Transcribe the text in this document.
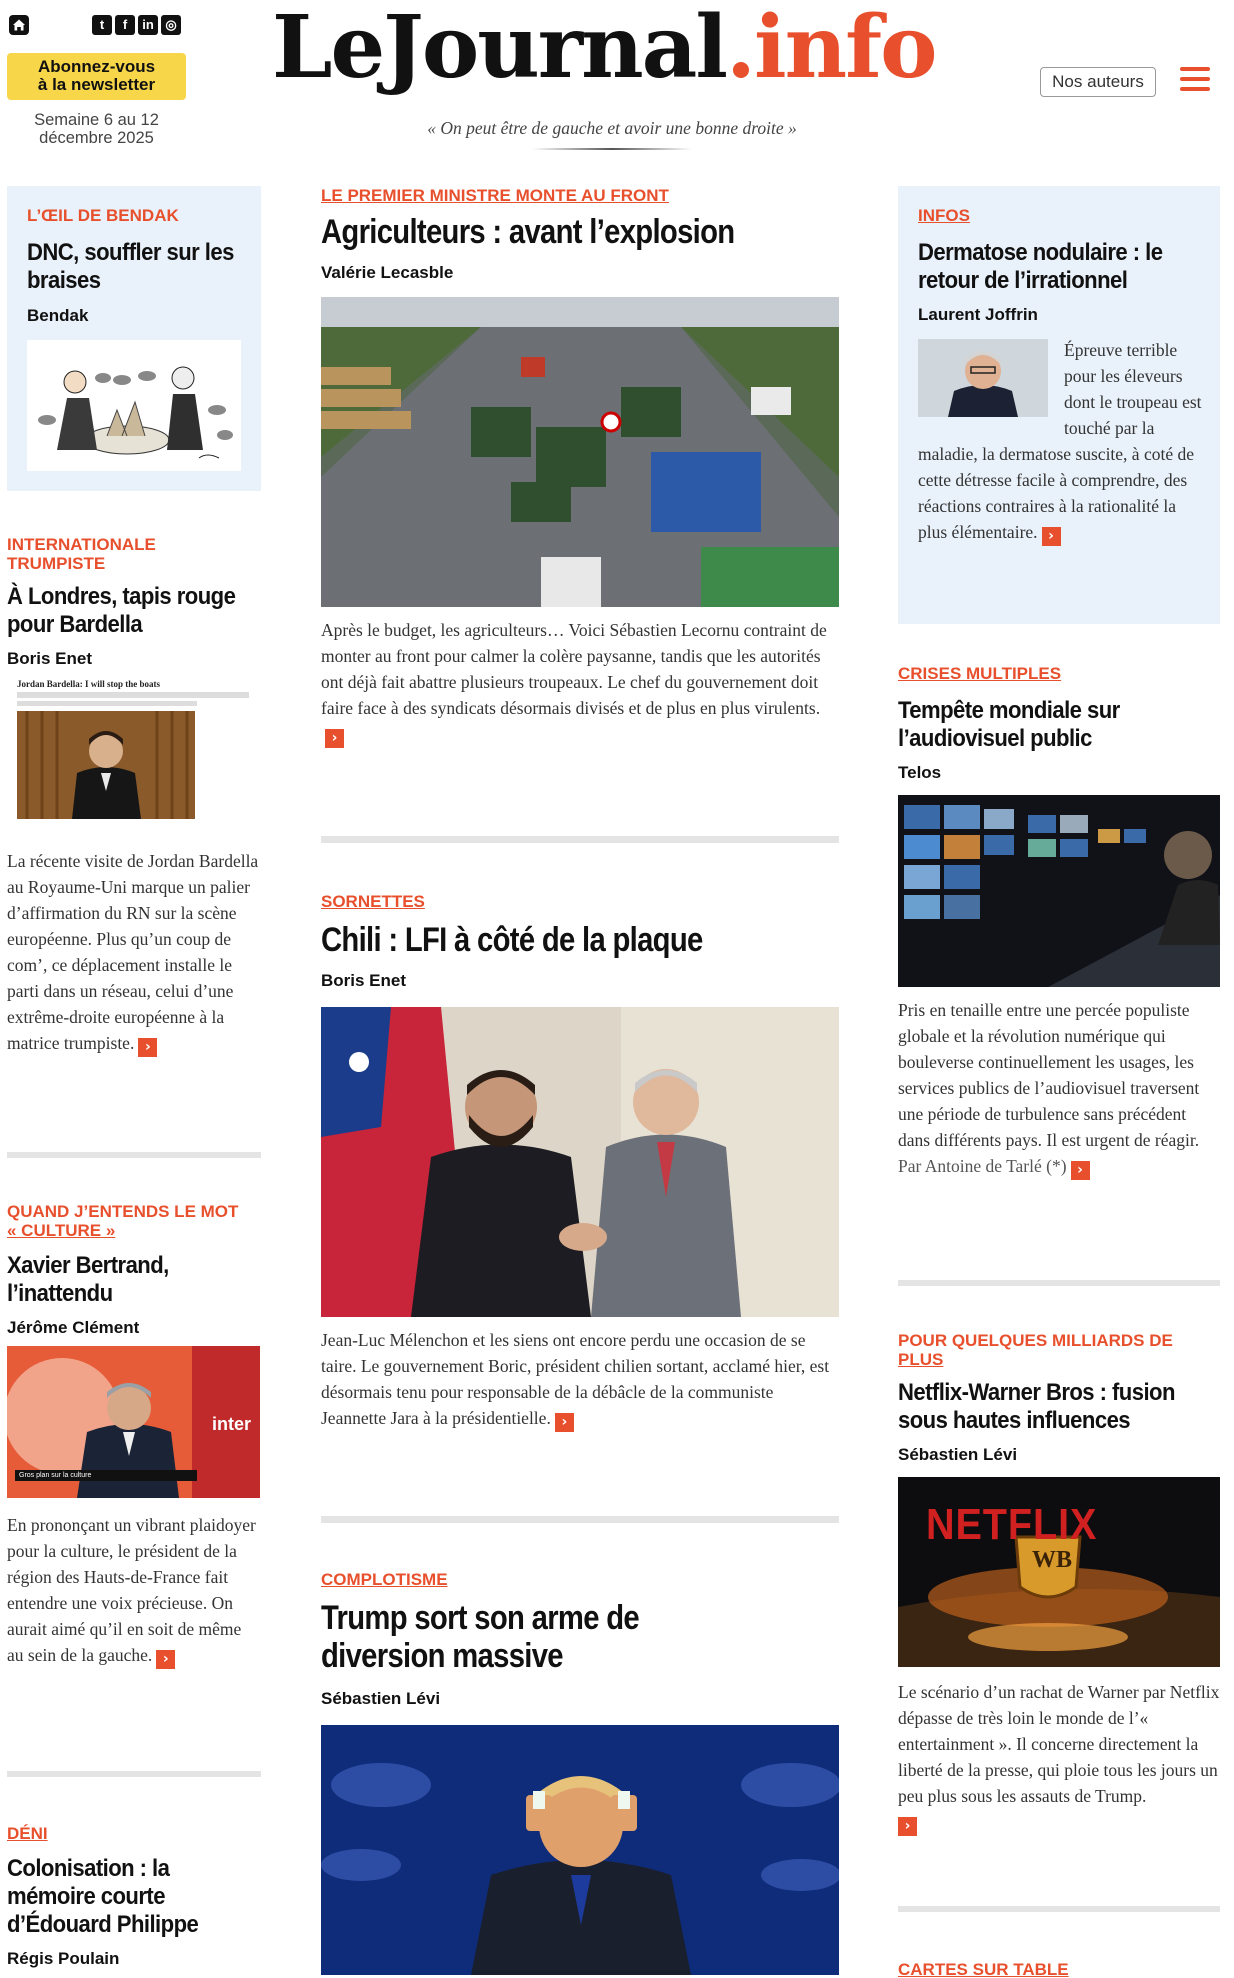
t	f	in ◎
Abonnez-vous
à la newsletter
Semaine 6 au 12
décembre 2025
LeJournal.info
« On peut être de gauche et avoir une bonne droite »
Nos auteurs
L’ŒIL DE BENDAK
DNC, souffler sur les braises
Bendak
INTERNATIONALE
TRUMPISTE
À Londres, tapis rouge pour Bardella
Boris Enet
Jordan Bardella: I will stop the boats
La récente visite de Jordan Bardella au Royaume-Uni marque un palier d’affirmation du RN sur la scène européenne. Plus qu’un coup de com’, ce déplacement installe le parti dans un réseau, celui d’une extrême-droite européenne à la matrice trumpiste. ›
QUAND J’ENTENDS LE MOT
« CULTURE »
Xavier Bertrand, l’inattendu
Jérôme Clément
Gros plan sur la culture
inter
En prononçant un vibrant plaidoyer pour la culture, le président de la région des Hauts-de-France fait entendre une voix précieuse. On aurait aimé qu’il en soit de même au sein de la gauche. ›
DÉNI
Colonisation : la mémoire courte d’Édouard Philippe
Régis Poulain
LE PREMIER MINISTRE MONTE AU FRONT
Agriculteurs : avant l’explosion
Valérie Lecasble
Après le budget, les agriculteurs… Voici Sébastien Lecornu contraint de monter au front pour calmer la colère paysanne, tandis que les autorités ont déjà fait abattre plusieurs troupeaux. Le chef du gouvernement doit faire face à des syndicats désormais divisés et de plus en plus virulents.›
SORNETTES
Chili : LFI à côté de la plaque
Boris Enet
Jean-Luc Mélenchon et les siens ont encore perdu une occasion de se taire. Le gouvernement Boric, président chilien sortant, acclamé hier, est désormais tenu pour responsable de la débâcle de la communiste Jeannette Jara à la présidentielle. ›
COMPLOTISME
Trump sort son arme de diversion massive
Sébastien Lévi
INFOS
Dermatose nodulaire : le retour de l’irrationnel
Laurent Joffrin
Épreuve terrible pour les éleveurs dont le troupeau est touché par la maladie, la dermatose suscite, à coté de cette détresse facile à comprendre, des réactions contraires à la rationalité la plus élémentaire. ›
CRISES MULTIPLES
Tempête mondiale sur l’audiovisuel public
Telos
Pris en tenaille entre une percée populiste globale et la révolution numérique qui bouleverse continuellement les usages, les services publics de l’audiovisuel traversent une période de turbulence sans précédent dans différents pays. Il est urgent de réagir. Par Antoine de Tarlé (*) ›
POUR QUELQUES MILLIARDS DE
PLUS
Netflix-Warner Bros : fusion sous hautes influences
Sébastien Lévi
NETFLIX
WB
Le scénario d’un rachat de Warner par Netflix dépasse de très loin le monde de l’« entertainment ». Il concerne directement la liberté de la presse, qui ploie tous les jours un peu plus sous les assauts de Trump.
›
CARTES SUR TABLE
